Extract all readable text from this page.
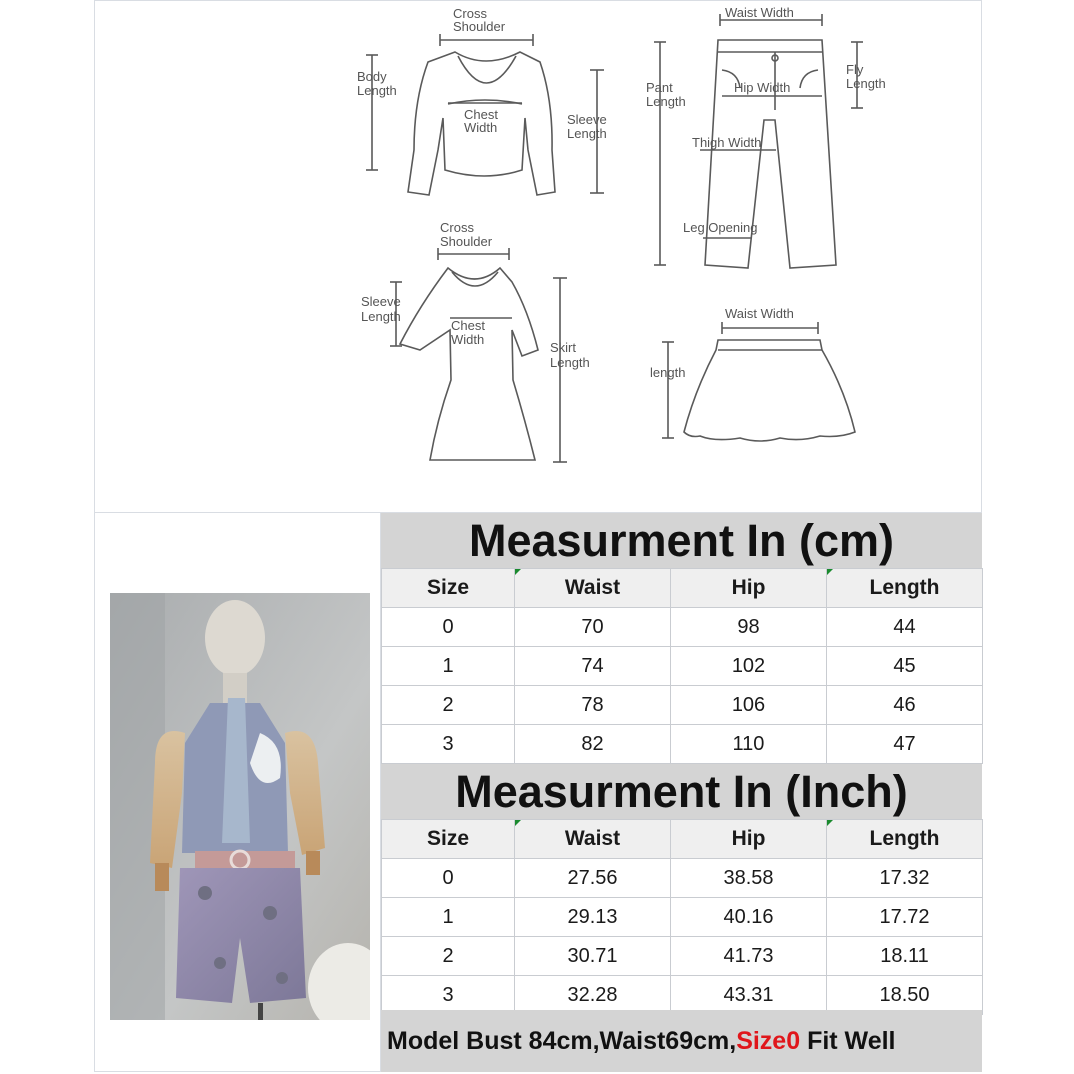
Cross
Shoulder
Body
Length
Chest
Width
Sleeve
Length
Waist Width
Pant
Length
Hip Width
Fly
Length
Thigh Width
Leg Opening
Cross
Shoulder
Sleeve
Length
Chest
Width
Skirt
Length
Waist Width
length
Measurment In (cm)
Size	Waist	Hip	Length
0	70	98	44
1	74	102	45
2	78	106	46
3	82	110	47
Measurment In (Inch)
Size	Waist	Hip	Length
0	27.56	38.58	17.32
1	29.13	40.16	17.72
2	30.71	41.73	18.11
3	32.28	43.31	18.50
Model Bust 84cm,Waist69cm, Size0 Fit Well
